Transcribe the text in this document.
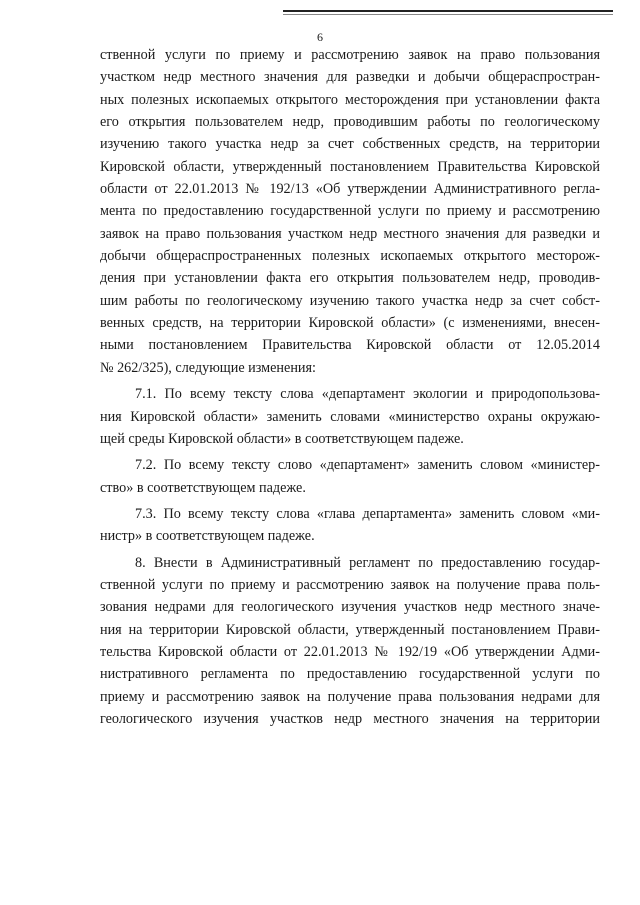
6

ственной услуги по приему и рассмотрению заявок на право пользования

участком недр местного значения для разведки и добычи общераспростран-

ных полезных ископаемых открытого месторождения при установлении факта

его открытия пользователем недр, проводившим работы по геологическому

изучению такого участка недр за счет собственных средств, на территории

Кировской области, утвержденный постановлением Правительства Кировской

области от 22.01.2013 № 192/13 «Об утверждении Административного регла-

мента по предоставлению государственной услуги по приему и рассмотрению

заявок на право пользования участком недр местного значения для разведки и

добычи общераспространенных полезных ископаемых открытого месторож-

дения при установлении факта его открытия пользователем недр, проводив-

шим работы по геологическому изучению такого участка недр за счет собст-

венных средств, на территории Кировской области» (с изменениями, внесен-

ными постановлением Правительства Кировской области от 12.05.2014

№ 262/325), следующие изменения:

7.1. По всему тексту слова «департамент экологии и природопользова-

ния Кировской области» заменить словами «министерство охраны окружаю-

щей среды Кировской области» в соответствующем падеже.

7.2. По всему тексту слово «департамент» заменить словом «министер-

ство» в соответствующем падеже.

7.3. По всему тексту слова «глава департамента» заменить словом «ми-

нистр» в соответствующем падеже.

8. Внести в Административный регламент по предоставлению государ-

ственной услуги по приему и рассмотрению заявок на получение права поль-

зования недрами для геологического изучения участков недр местного значе-

ния на территории Кировской области, утвержденный постановлением Прави-

тельства Кировской области от 22.01.2013 № 192/19 «Об утверждении Адми-

нистративного регламента по предоставлению государственной услуги по

приему и рассмотрению заявок на получение права пользования недрами для

геологического изучения участков недр местного значения на территории
